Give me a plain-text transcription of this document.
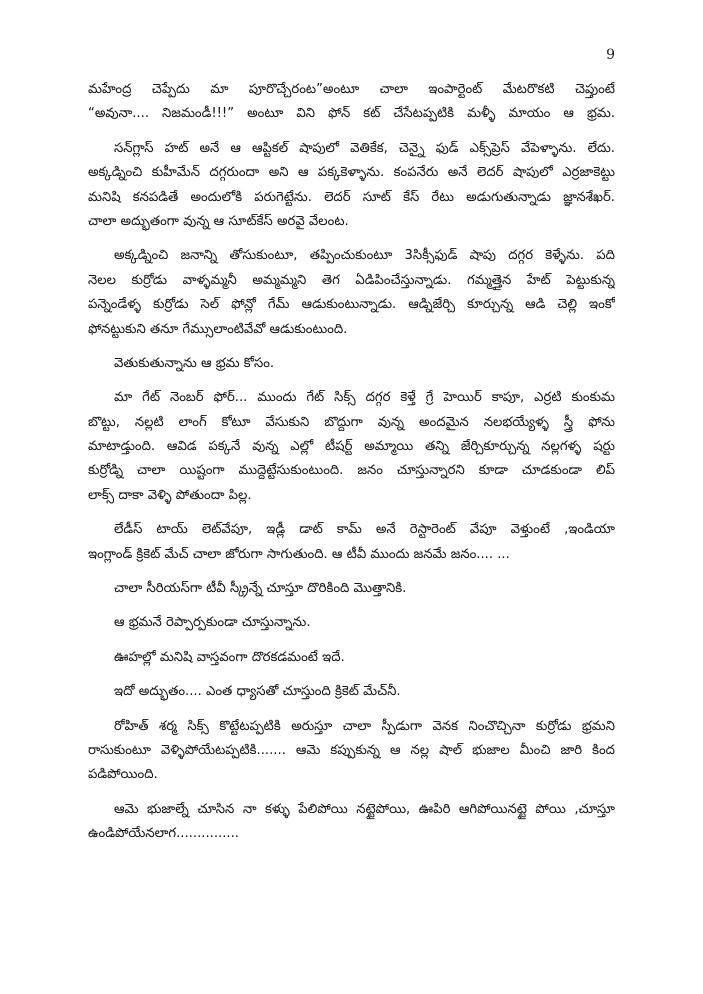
9
మహేంద్ర చెప్పేదు మా పూరొచ్చేరంట”అంటూ చాలా ఇంపార్టెంట్ మేటరొకటి చెప్తుంటే
“అవునా.... నిజమండీ!!!” అంటూ విని ఫోన్ కట్ చేసేటప్పటికి మళ్ళీ మాయం ఆ భ్రమ.
సన్‌గ్లాస్ హట్ అనే ఆ ఆప్టికల్ షాపులో వెతికేక, చెన్నై ఫుడ్ ఎక్స్‌ప్రెస్ వేపెళ్ళాను. లేదు.
అక్కడ్నించి కుహీమేన్ దగ్గరుందా అని ఆ పక్కకెళ్ళాను. కంపనేరు అనే లెదర్ షాపులో ఎర్రజాకెట్టు
మనిషి కనపడితే అందులోకి పరుగెట్టేను. లెదర్ సూట్ కేస్ రేటు అడుగుతున్నాడు జ్ఞానశేఖర్.
చాలా అద్భుతంగా వున్న ఆ సూట్‌కేస్ అరవై వేలంట.
అక్కడ్నించి జనాన్ని తోసుకుంటూ, తప్పించుకుంటూ 3సిక్సీఫుడ్ షాపు దగ్గర కెళ్ళేను. పది
నెలల కుర్రోడు వాళ్ళమ్మనీ అమ్మమ్మని తెగ ఏడిపించేస్తున్నాడు. గమ్మత్తైన హేట్ పెట్టుకున్న
పన్నెండేళ్ళ కుర్రోడు సెల్ ఫోన్లో గేమ్ ఆడుకుంటున్నాడు. ఆడ్నిజేర్చి కూర్చున్న ఆడి చెల్లి ఇంకో
ఫోనట్టుకుని తనూ గేమ్సులాంటివేవో ఆడుకుంటుంది.
వెతుకుతున్నాను ఆ భ్రమ కోసం.
మా గేట్ నెంబర్ ఫోర్... ముందు గేట్ సిక్స్ దగ్గర కెళ్తే గ్రే హెయిర్ కాపూ, ఎర్రటి కుంకుమ
బొట్టు, నల్లటి లాంగ్ కోటూ వేసుకుని బొద్దుగా వున్న అందమైన నలభయ్యేళ్ళ స్త్రీ ఫోను
మాటాడ్తుంది. ఆవిడ పక్కనే వున్న ఎల్లో టీషర్ట్ అమ్మాయి తన్ని జేర్చికూర్చున్న నల్లగళ్ళ షర్టు
కుర్రోడ్ని చాలా యిష్టంగా ముద్దెట్టేసుకుంటుంది. జనం చూస్తున్నారని కూడా చూడకుండా లిప్
లాక్స్ దాకా వెళ్ళి పోతుందా పిల్ల.
లేడీస్ టాయ్ లెట్‌వేపూ, ఇడ్లీ డాట్ కామ్ అనే రెస్టారెంట్ వేపూ వెళ్తుంటే ,ఇండియా
ఇంగ్లాండ్ క్రికెట్ మేచ్ చాలా జోరుగా సాగుతుంది. ఆ టీవీ ముందు జనమే జనం.... ...
చాలా సీరియస్‌గా టీవీ స్క్రీన్నే చూస్తూ దొరికింది మొత్తానికి.
ఆ భ్రమనే రెప్పార్పకుండా చూస్తున్నాను.
ఊహల్లో మనిషి వాస్తవంగా దొరకడమంటే ఇదే.
ఇదో అద్భుతం.... ఎంత ధ్యాసతో చూస్తుంది క్రికెట్ మేచ్‌నీ.
రోహిత్ శర్మ సిక్స్ కొట్టేటప్పటికి అరుస్తూ చాలా స్పీడుగా వెనక నించొచ్చినా కుర్రోడు భ్రమని
రాసుకుంటూ వెళ్ళిపోయేటప్పటికి....... ఆమె కప్పుకున్న ఆ నల్ల షాల్ భుజాల మీంచి జారి కింద
పడిపోయింది.
ఆమె భుజాల్నే చూసిన నా కళ్ళు పేలిపోయి నట్టైపోయి, ఊపిరి ఆగిపోయినట్టై పోయి ,చూస్తూ
ఉండిపోయేనలాగ...............
